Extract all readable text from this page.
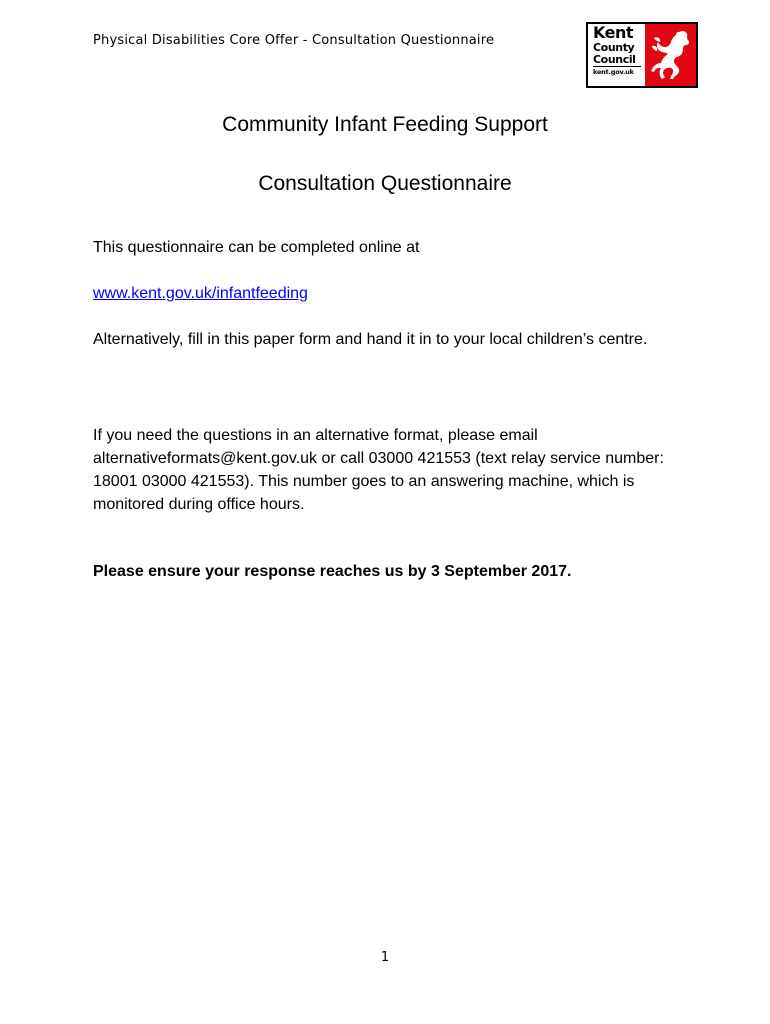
Physical Disabilities Core Offer - Consultation Questionnaire	Kent
County
Council
kent.gov.uk
Community Infant Feeding Support
Consultation Questionnaire
This questionnaire can be completed online at
www.kent.gov.uk/infantfeeding
Alternatively, fill in this paper form and hand it in to your local children’s centre.
If you need the questions in an alternative format, please email alternativeformats@kent.gov.uk or call 03000 421553 (text relay service number: 18001 03000 421553). This number goes to an answering machine, which is monitored during office hours.
Please ensure your response reaches us by 3 September 2017.
1
